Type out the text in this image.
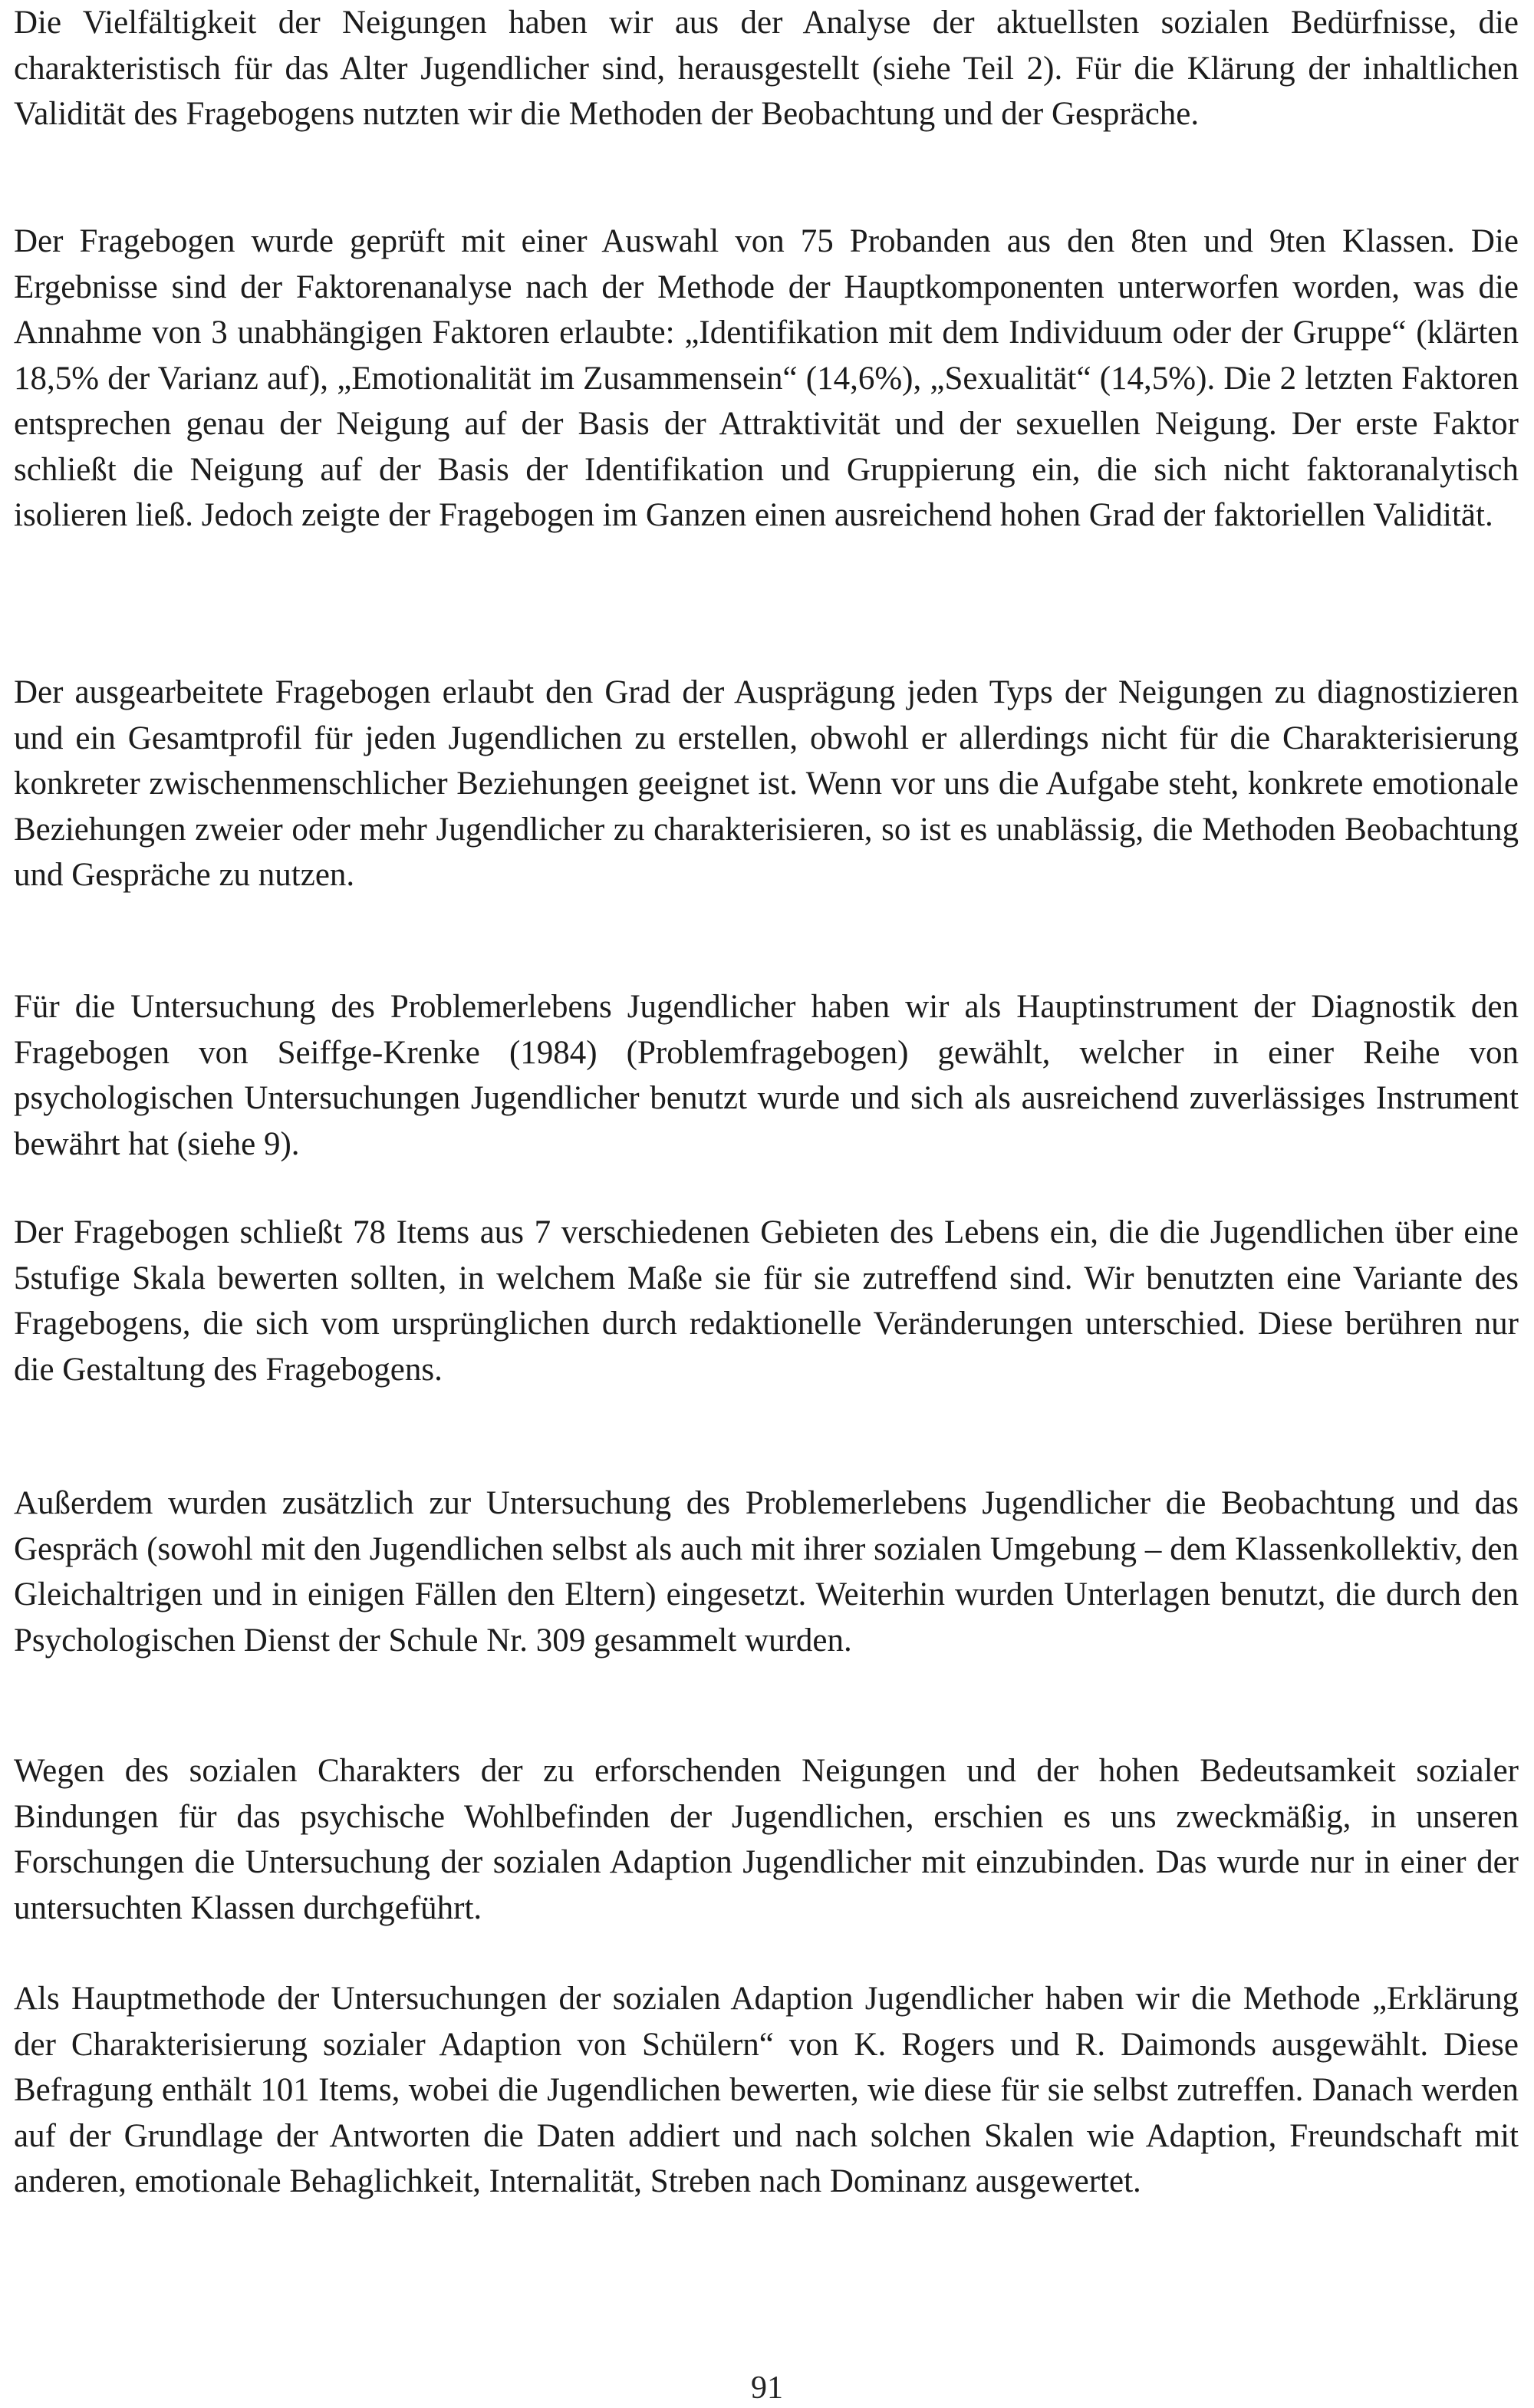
Die Vielfältigkeit der Neigungen haben wir aus der Analyse der aktuellsten sozialen Bedürfnisse, die charakteristisch für das Alter Jugendlicher sind, herausgestellt (siehe Teil 2). Für die Klärung der inhaltlichen Validität des Fragebogens nutzten wir die Methoden der Beobachtung und der Gespräche.

Der Fragebogen wurde geprüft mit einer Auswahl von 75 Probanden aus den 8ten und 9ten Klassen. Die Ergebnisse sind der Faktorenanalyse nach der Methode der Hauptkomponenten unterworfen worden, was die Annahme von 3 unabhängigen Faktoren erlaubte: „Identifikation mit dem Individuum oder der Gruppe“ (klärten 18,5% der Varianz auf), „Emotionalität im Zusammensein“ (14,6%), „Sexualität“ (14,5%). Die 2 letzten Faktoren entsprechen genau der Neigung auf der Basis der Attraktivität und der sexuellen Neigung. Der erste Faktor schließt die Neigung auf der Basis der Identifikation und Gruppierung ein, die sich nicht faktoranalytisch isolieren ließ. Jedoch zeigte der Fragebogen im Ganzen einen ausreichend hohen Grad der faktoriellen Validität.

Der ausgearbeitete Fragebogen erlaubt den Grad der Ausprägung jeden Typs der Neigungen zu diagnostizieren und ein Gesamtprofil für jeden Jugendlichen zu erstellen, obwohl er allerdings nicht für die Charakterisierung konkreter zwischenmenschlicher Beziehungen geeignet ist. Wenn vor uns die Aufgabe steht, konkrete emotionale Beziehungen zweier oder mehr Jugendlicher zu charakterisieren, so ist es unablässig, die Methoden Beobachtung und Gespräche zu nutzen.

Für die Untersuchung des Problemerlebens Jugendlicher haben wir als Hauptinstrument der Diagnostik den Fragebogen von Seiffge-Krenke (1984) (Problemfragebogen) gewählt, welcher in einer Reihe von psychologischen Untersuchungen Jugendlicher benutzt wurde und sich als ausreichend zuverlässiges Instrument bewährt hat (siehe 9).

Der Fragebogen schließt 78 Items aus 7 verschiedenen Gebieten des Lebens ein, die die Jugendlichen über eine 5stufige Skala bewerten sollten, in welchem Maße sie für sie zutreffend sind. Wir benutzten eine Variante des Fragebogens, die sich vom ursprünglichen durch redaktionelle Veränderungen unterschied. Diese berühren nur die Gestaltung des Fragebogens.

Außerdem wurden zusätzlich zur Untersuchung des Problemerlebens Jugendlicher die Beobachtung und das Gespräch (sowohl mit den Jugendlichen selbst als auch mit ihrer sozialen Umgebung – dem Klassenkollektiv, den Gleichaltrigen und in einigen Fällen den Eltern) eingesetzt. Weiterhin wurden Unterlagen benutzt, die durch den Psychologischen Dienst der Schule Nr. 309 gesammelt wurden.

Wegen des sozialen Charakters der zu erforschenden Neigungen und der hohen Bedeutsamkeit sozialer Bindungen für das psychische Wohlbefinden der Jugendlichen, erschien es uns zweckmäßig, in unseren Forschungen die Untersuchung der sozialen Adaption Jugendlicher mit einzubinden. Das wurde nur in einer der untersuchten Klassen durchgeführt.

Als Hauptmethode der Untersuchungen der sozialen Adaption Jugendlicher haben wir die Methode „Erklärung der Charakterisierung sozialer Adaption von Schülern“ von K. Rogers und R. Daimonds ausgewählt. Diese Befragung enthält 101 Items, wobei die Jugendlichen bewerten, wie diese für sie selbst zutreffen. Danach werden auf der Grundlage der Antworten die Daten addiert und nach solchen Skalen wie Adaption, Freundschaft mit anderen, emotionale Behaglichkeit, Internalität, Streben nach Dominanz ausgewertet.

91
